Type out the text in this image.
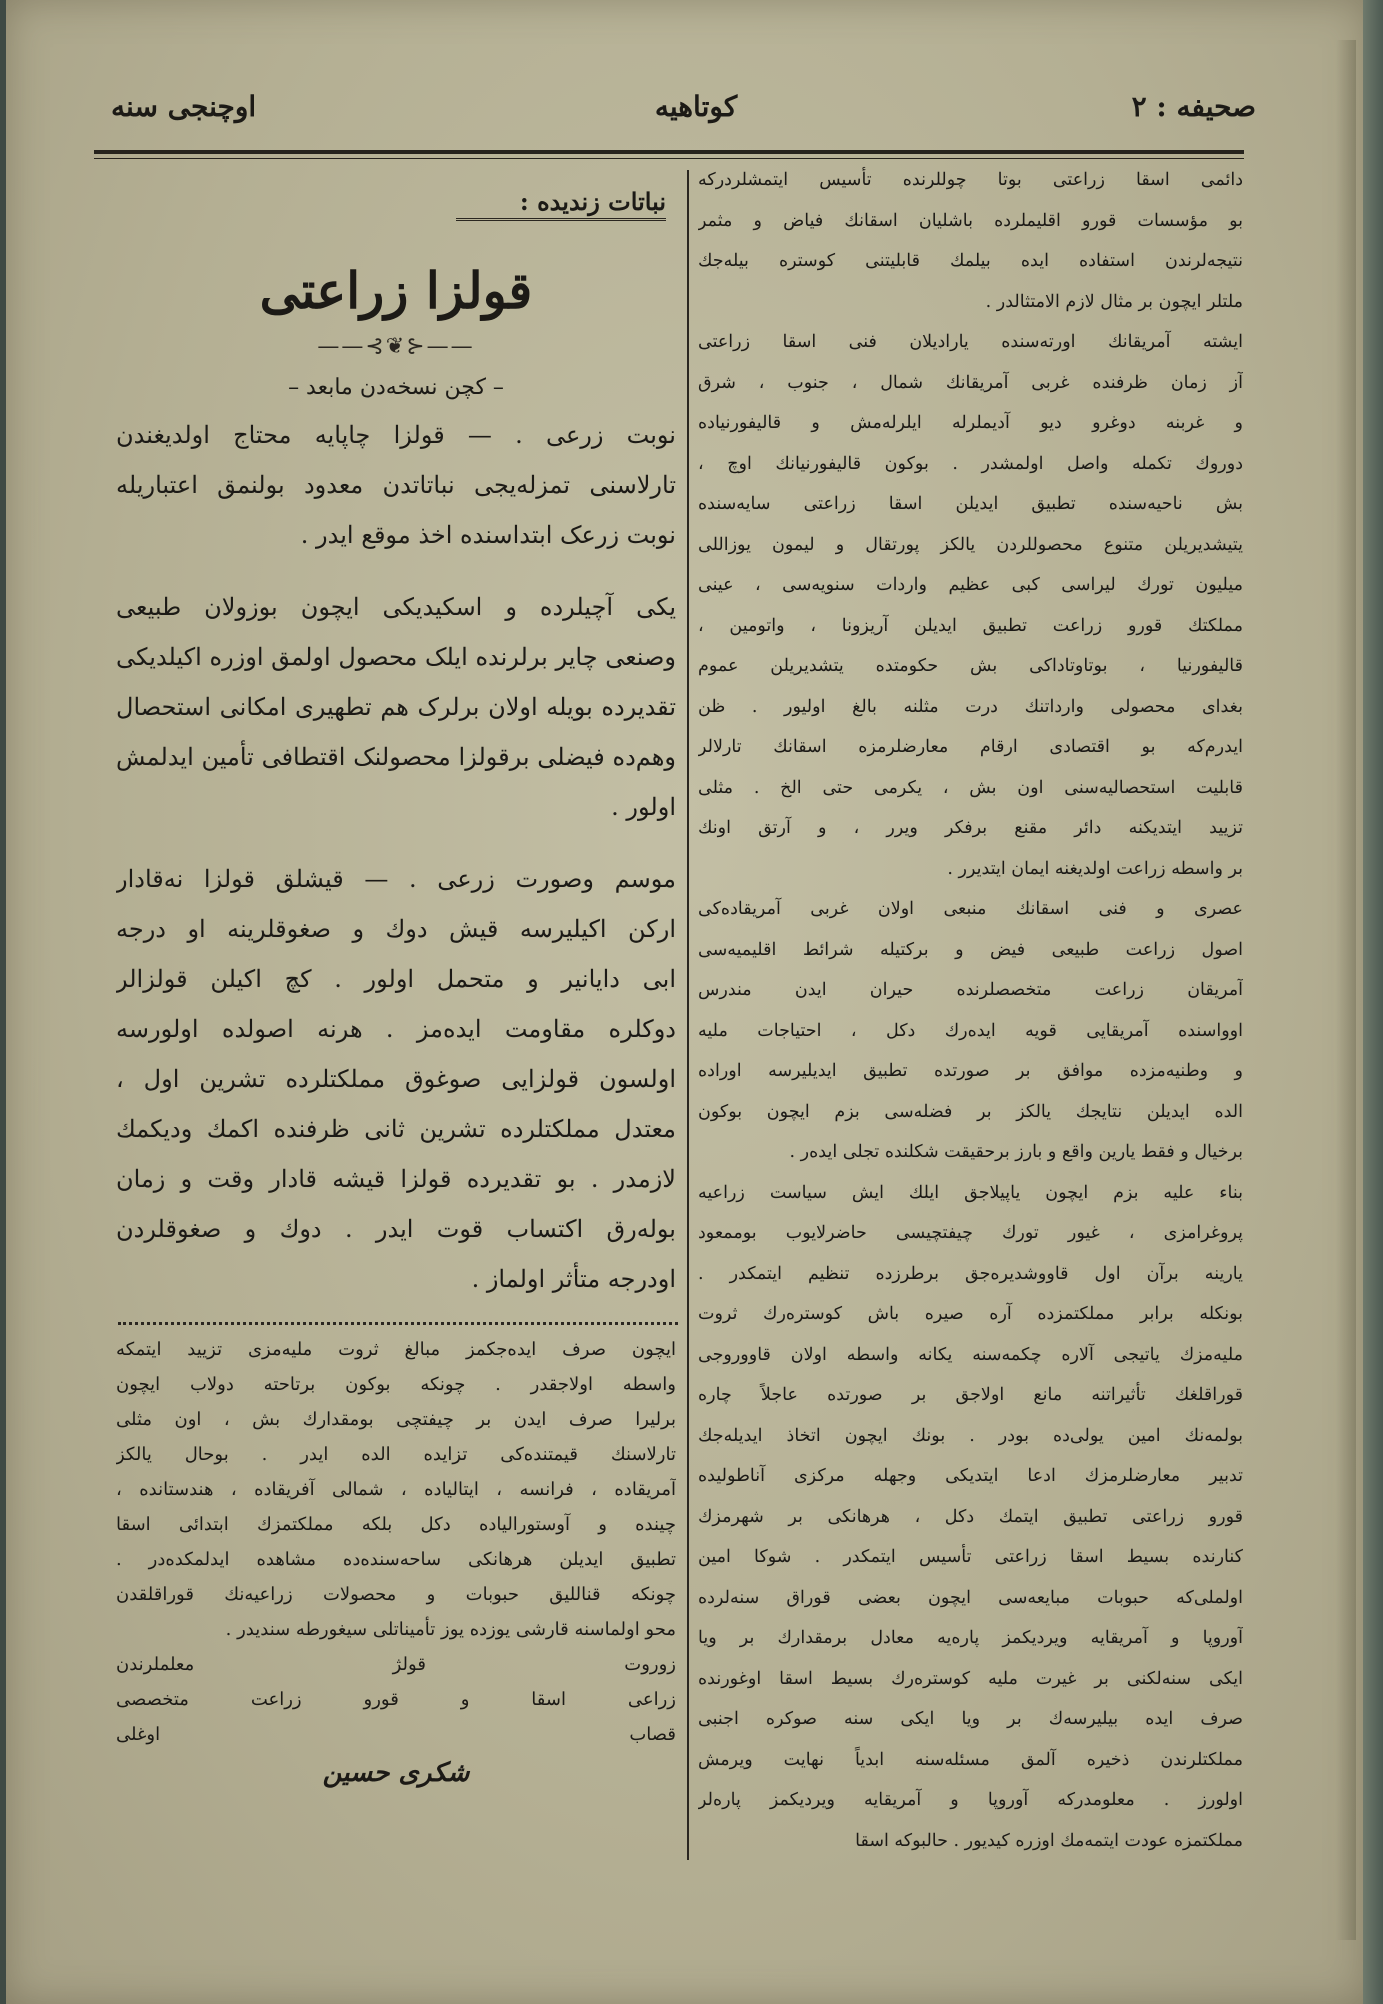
اوچنجی سنه	کوتاهیه	صحیفه : ۲

دائمی اسقا زراعتی بوتا چوللرنده تأسیس ایتمشلردرکه

بو مؤسسات قورو اقلیملرده باشلیان اسقانك فیاض و مثمر

نتیجه‌لرندن استفاده ایده بیلمك قابلیتنی کوستره بیله‌جك

ملتلر ایچون بر مثال لازم الامتثالدر .

ایشته آمریقانك اورته‌سنده یارادیلان فنی اسقا زراعتی

آز زمان ظرفنده غربی آمریقانك شمال ، جنوب ، شرق

و غربنه دوغرو دیو آدیملرله ایلرله‌مش و قالیفورنیاده

دوروك تکمله واصل اولمشدر . بوکون قالیفورنیانك اوچ ،

بش ناحیه‌سنده تطبیق ایدیلن اسقا زراعتی سایه‌سنده

یتیشدیریلن متنوع محصوللردن یالکز پورتقال و لیمون یوزاللی

میلیون تورك لیراسی کبی عظیم واردات سنویه‌سی ، عینی

مملکتك قورو زراعت تطبیق ایدیلن آریزونا ، واتومین ،

قالیفورنیا ، بوتاوتاداکی بش حکومتده یتشدیریلن عموم

بغدای محصولی وارداتنك درت مثلنه بالغ اولیور . ظن

ایدرم‌که بو اقتصادی ارقام معارضلرمزه اسقانك تارلالر

قابلیت استحصالیه‌سنی اون بش ، یکرمی حتی الخ . مثلی

تزیید ایتدیکنه دائر مقنع برفکر ویرر ، و آرتق اونك

بر واسطه زراعت اولدیغنه ایمان ایتدیرر .

عصری و فنی اسقانك منبعی اولان غربی آمریقاده‌کی

اصول زراعت طبیعی فیض و برکتیله شرائط اقلیمیه‌سی

آمریقان زراعت متخصصلرنده حیران ایدن مندرس

اوواسنده آمریقایی قویه ایده‌رك دکل ، احتیاجات ملیه

و وطنیه‌مزده موافق بر صورتده تطبیق ایدیلیرسه اوراده

الده ایدیلن نتایجك یالکز بر فضله‌سی بزم ایچون بوکون

برخیال و فقط یارین واقع و بارز برحقیقت شکلنده تجلی ایده‌ر .

بناء علیه بزم ایچون یاپیلاجق ایلك ایش سیاست زراعیه

پروغرامزی ، غیور تورك چیفتچیسی حاضرلایوب بوممعود

یارینه برآن اول قاووشدیره‌جق برطرزده تنظیم ایتمکدر .

بونکله برابر مملکتمزده آره صیره باش کوستره‌رك ثروت

ملیه‌مزك یاتیجی آلاره چکمه‌سنه یکانه واسطه اولان قاووروجی

قوراقلغك تأثیراتنه مانع اولاجق بر صورتده عاجلاً چاره

بولمه‌نك امین یولی‌ده بودر . بونك ایچون اتخاذ ایدیله‌جك

تدبیر معارضلرمزك ادعا ایتدیکی وجهله مرکزی آناطولیده

قورو زراعتی تطبیق ایتمك دکل ، هرهانکی بر شهرمزك

کنارنده بسیط اسقا زراعتی تأسیس ایتمکدر . شوکا امین

اولملی‌که حبوبات مبایعه‌سی ایچون بعضی قوراق سنه‌لرده

آوروپا و آمریقایه ویردیکمز پاره‌یه معادل برمقدارك بر ویا

ایکی سنه‌لکنی بر غیرت ملیه کوستره‌رك بسیط اسقا اوغورنده

صرف ایده بیلیرسه‌ك بر ویا ایکی سنه صوکره اجنبی

مملکتلرندن ذخیره آلمق مسئله‌سنه ابدیاً نهایت ویرمش

اولورز . معلومدرکه آوروپا و آمریقایه ویردیکمز پاره‌لر

مملکتمزه عودت ایتمه‌مك اوزره کیدیور . حالبوکه اسقا

نباتات زندیده :
قولزا زراعتی
——⊰❦⊱——
– کچن نسخه‌دن مابعد –

نوبت زرعی . — قولزا چاپایه محتاج اولدیغندن

تارلاسنی تمزله‌یجی نباتاتدن معدود بولنمق اعتباریله

نوبت زرعک ابتداسنده اخذ موقع ایدر .

یکی آچیلرده و اسکیدیکی ایچون بوزولان طبیعی

وصنعی چایر برلرنده ایلک محصول اولمق اوزره اکیلدیکی

تقدیرده بویله اولان برلرک هم تطهیری امکانی استحصال

وهم‌ده فیضلی برقولزا محصولنک اقتطافی تأمین ایدلمش

اولور .

موسم وصورت زرعی . — قیشلق قولزا نه‌قادار

ارکن اکیلیرسه قیش دوك و صغوقلرینه او درجه

ابی دایانیر و متحمل اولور . کچ اکیلن قولزالر

دوکلره مقاومت ایده‌مز . هرنه اصولده اولورسه

اولسون قولزایی صوغوق مملکتلرده تشرین اول ،

معتدل مملکتلرده تشرین ثانی ظرفنده اکمك ودیکمك

لازمدر . بو تقدیرده قولزا قیشه قادار وقت و زمان

بوله‌رق اکتساب قوت ایدر . دوك و صغوقلردن

اودرجه متأثر اولماز .

ایچون صرف ایده‌جکمز مبالغ ثروت ملیه‌مزی تزیید ایتمکه

واسطه اولاجقدر . چونکه بوکون برتاحته دولاب ایچون

برلیرا صرف ایدن بر چیفتچی بومقدارك بش ، اون مثلی

تارلاسنك قیمتنده‌کی تزایده الده ایدر . بوحال یالکز

آمریقاده ، فرانسه ، ایتالیاده ، شمالی آفریقاده ، هندستانده ،

چینده و آوستورالیاده دکل بلکه مملکتمزك ابتدائی اسقا

تطبیق ایدیلن هرهانکی ساحه‌سنده‌ده مشاهده ایدلمکده‌در .

چونکه قناللیق حبوبات و محصولات زراعیه‌نك قوراقلقدن

محو اولماسنه قارشی یوزده یوز تأمیناتلی سیغورطه سندیدر .

زوروت قولژ معلملرندن

زراعی اسقا و قورو زراعت متخصصی

قصاب اوغلی

شکری حسین
